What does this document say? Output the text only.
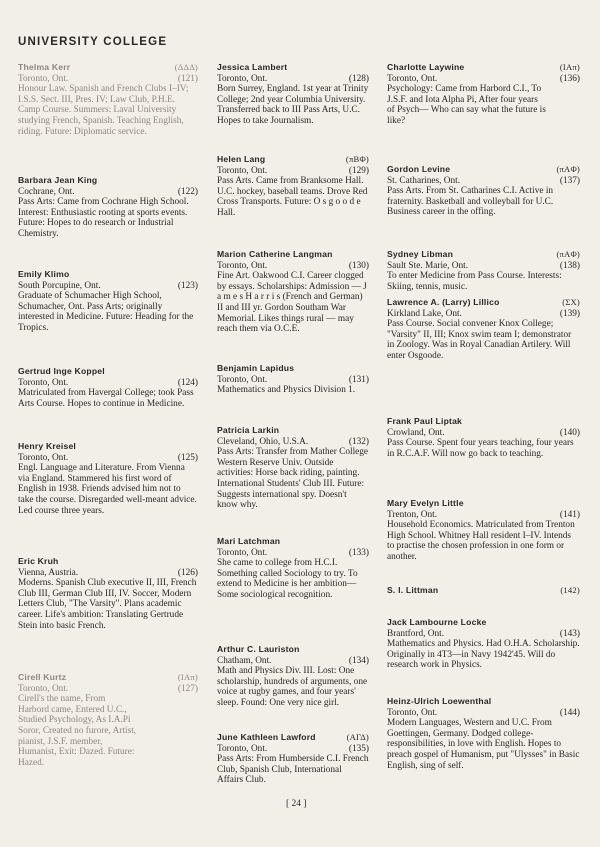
UNIVERSITY COLLEGE
Thelma Kerr	(ΔΔΔ)
Toronto, Ont.	(121)
Honour Law. Spanish and French Clubs I–IV; I.S.S. Sect. III, Pres. IV; Law Club, P.H.E. Camp Course. Summers: Laval University studying French, Spanish. Teaching English, riding. Future: Diplomatic service.
Barbara Jean King
Cochrane, Ont.	(122)
Pass Arts: Came from Cochrane High School. Interest: Enthusiastic rooting at sports events. Future: Hopes to do research or Industrial Chemistry.
Emily Klimo
South Porcupine, Ont.	(123)
Graduate of Schumacher High School, Schumacher, Ont. Pass Arts; originally interested in Medicine. Future: Heading for the Tropics.
Gertrud Inge Koppel
Toronto, Ont.	(124)
Matriculated from Havergal College; took Pass Arts Course. Hopes to continue in Medicine.
Henry Kreisel
Toronto, Ont.	(125)
Engl. Language and Literature. From Vienna via England. Stammered his first word of English in 1938. Friends advised him not to take the course. Disregarded well-meant advice. Led course three years.
Eric Kruh
Vienna, Austria.	(126)
Moderns. Spanish Club executive II, III, French Club III, German Club III, IV. Soccer, Modern Letters Club, "The Varsity". Plans academic career. Life's ambition: Translating Gertrude Stein into basic French.
Cirell Kurtz	(IAπ)
Toronto, Ont.	(127)
Cirell's the name, From Harbord came, Entered U.C., Studied Psychology, As I.A.Pi Soror, Created no furore, Artist, pianist, J.S.F. member, Humanist, Exit: Dazed. Future: Hazed.
Jessica Lambert
Toronto, Ont.	(128)
Born Surrey, England. 1st year at Trinity College; 2nd year Columbia University. Transferred back to III Pass Arts, U.C. Hopes to take Journalism.
Helen Lang	(πBΦ)
Toronto, Ont.	(129)
Pass Arts. Came from Branksome Hall. U.C. hockey, baseball teams. Drove Red Cross Transports. Future: O s g o o d e Hall.
Marion Catherine Langman
Toronto, Ont.	(130)
Fine Art. Oakwood C.I. Career clogged by essays. Scholarships: Admission — J a m e s H a r r i s (French and German) II and III yr. Gordon Southam War Memorial. Likes things rural — may reach them via O.C.E.
Benjamin Lapidus
Toronto, Ont.	(131)
Mathematics and Physics Division 1.
Patricia Larkin
Cleveland, Ohio, U.S.A.	(132)
Pass Arts: Transfer from Mather College Western Reserve Univ. Outside activities: Horse back riding, painting. International Students' Club III. Future: Suggests international spy. Doesn't know why.
Mari Latchman
Toronto, Ont.	(133)
She came to college from H.C.I. Something called Sociology to try. To extend to Medicine is her ambition— Some sociological recognition.
Arthur C. Lauriston
Chatham, Ont.	(134)
Math and Physics Div. III. Lost: One scholarship, hundreds of arguments, one voice at rugby games, and four years' sleep. Found: One very nice girl.
June Kathleen Lawford	(AΓΔ)
Toronto, Ont.	(135)
Pass Arts: From Humberside C.I. French Club, Spanish Club, International Affairs Club.
Charlotte Laywine	(IAπ)
Toronto, Ont.	(136)
Psychology: Came from Harbord C.I., To J.S.F. and Iota Alpha Pi, After four years of Psych— Who can say what the future is like?
Gordon Levine	(πAΦ)
St. Catharines, Ont.	(137)
Pass Arts. From St. Catharines C.I. Active in fraternity. Basketball and volleyball for U.C. Business career in the offing.
Sydney Libman	(πAΦ)
Sault Ste. Marie, Ont.	(138)
To enter Medicine from Pass Course. Interests: Skiing, tennis, music.
Lawrence A. (Larry) Lillico	(ΣΧ)
Kirkland Lake, Ont.	(139)
Pass Course. Social convener Knox College; "Varsity" II, III; Knox swim team I; demonstrator in Zoology. Was in Royal Canadian Artilery. Will enter Osgoode.
Frank Paul Liptak
Crowland, Ont.	(140)
Pass Course. Spent four years teaching, four years in R.C.A.F. Will now go back to teaching.
Mary Evelyn Little
Trenton, Ont.	(141)
Household Economics. Matriculated from Trenton High School. Whitney Hall resident I–IV. Intends to practise the chosen profession in one form or another.
S. I. Littman	(142)
Jack Lambourne Locke
Brantford, Ont.	(143)
Mathematics and Physics. Had O.H.A. Scholarship. Originally in 4T3—in Navy 1942'45. Will do research work in Physics.
Heinz-Ulrich Loewenthal
Toronto, Ont.	(144)
Modern Languages, Western and U.C. From Goettingen, Germany. Dodged college-responsibilities, in love with English. Hopes to preach gospel of Humanism, put "Ulysses" in Basic English, sing of self.
[ 24 ]
